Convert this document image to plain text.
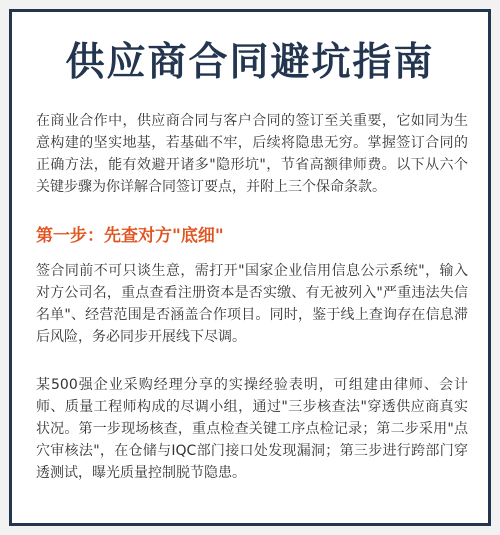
供应商合同避坑指南

在商业合作中，供应商合同与客户合同的签订至关重要，它如同为生意构建的坚实地基，若基础不牢，后续将隐患无穷。掌握签订合同的正确方法，能有效避开诸多"隐形坑"，节省高额律师费。以下从六个关键步骤为你详解合同签订要点，并附上三个保命条款。

第一步：先查对方"底细"

签合同前不可只谈生意，需打开"国家企业信用信息公示系统"，输入对方公司名，重点查看注册资本是否实缴、有无被列入"严重违法失信名单"、经营范围是否涵盖合作项目。同时，鉴于线上查询存在信息滞后风险，务必同步开展线下尽调。

某500强企业采购经理分享的实操经验表明，可组建由律师、会计师、质量工程师构成的尽调小组，通过"三步核查法"穿透供应商真实状况。第一步现场核查，重点检查关键工序点检记录；第二步采用"点穴审核法"，在仓储与IQC部门接口处发现漏洞；第三步进行跨部门穿透测试，曝光质量控制脱节隐患。
